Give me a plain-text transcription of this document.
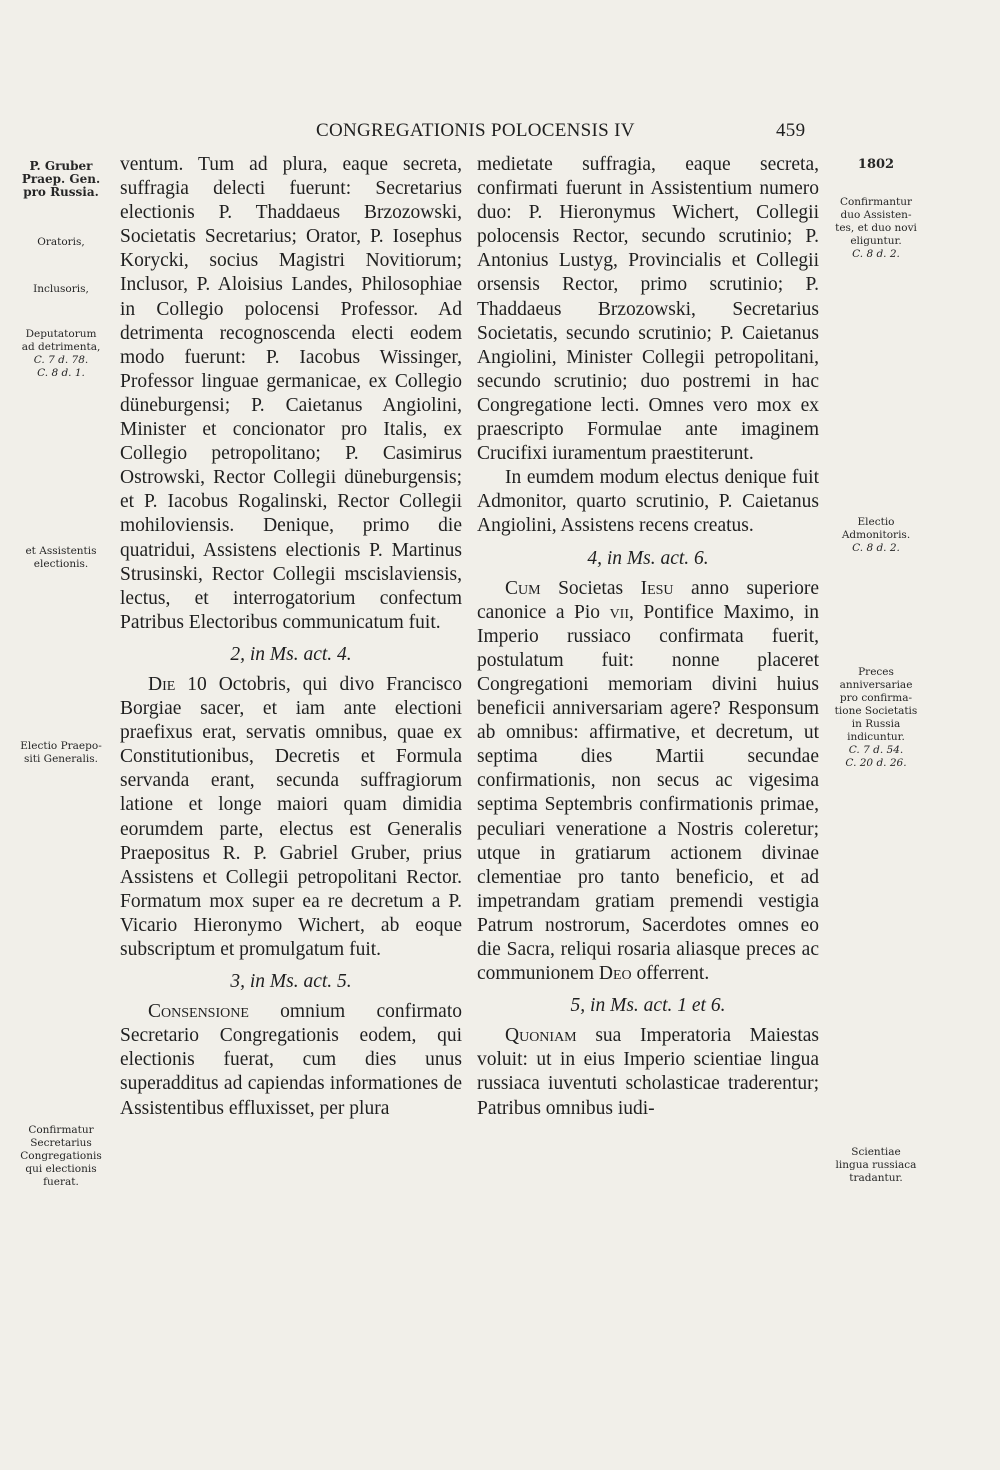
CONGREGATIONIS POLOCENSIS IV	459
P. Gruber
Praep. Gen.
pro Russia.
Oratoris,
Inclusoris,
Deputatorum
ad detrimenta,
C. 7 d. 78.
C. 8 d. 1.
et Assistentis
electionis.
Electio Praepo-
siti Generalis.
Confirmatur
Secretarius
Congregationis
qui electionis
fuerat.
1802
Confirmantur
duo Assisten-
tes, et duo novi
eliguntur.
C. 8 d. 2.
Electio
Admonitoris.
C. 8 d. 2.
Preces
anniversariae
pro confirma-
tione Societatis
in Russia
indicuntur.
C. 7 d. 54.
C. 20 d. 26.
Scientiae
lingua russiaca
tradantur.

ventum. Tum ad plura, eaque secreta, suffragia delecti fuerunt: Secretarius electionis P. Thaddaeus Brzozowski, Societatis Secretarius; Orator, P. Iosephus Korycki, socius Magistri Novitiorum; Inclusor, P. Aloisius Landes, Philosophiae in Collegio polocensi Professor. Ad detrimenta recognoscenda electi eodem modo fuerunt: P. Iacobus Wissinger, Professor linguae germanicae, ex Collegio düneburgensi; P. Caietanus Angiolini, Minister et concionator pro Italis, ex Collegio petropolitano; P. Casimirus Ostrowski, Rector Collegii düneburgensis; et P. Iacobus Rogalinski, Rector Collegii mohiloviensis. Denique, primo die quatridui, Assistens electionis P. Martinus Strusinski, Rector Collegii mscislaviensis, lectus, et interrogatorium confectum Patribus Electoribus communicatum fuit.

2, in Ms. act. 4.

Die 10 Octobris, qui divo Francisco Borgiae sacer, et iam ante electioni praefixus erat, servatis omnibus, quae ex Constitutionibus, Decretis et Formula servanda erant, secunda suffragiorum latione et longe maiori quam dimidia eorumdem parte, electus est Generalis Praepositus R. P. Gabriel Gruber, prius Assistens et Collegii petropolitani Rector. Formatum mox super ea re decretum a P. Vicario Hieronymo Wichert, ab eoque subscriptum et promulgatum fuit.

3, in Ms. act. 5.

Consensione omnium confirmato Secretario Congregationis eodem, qui electionis fuerat, cum dies unus superadditus ad capiendas informationes de Assistentibus effluxisset, per plura

medietate suffragia, eaque secreta, confirmati fuerunt in Assistentium numero duo: P. Hieronymus Wichert, Collegii polocensis Rector, secundo scrutinio; P. Antonius Lustyg, Provincialis et Collegii orsensis Rector, primo scrutinio; P. Thaddaeus Brzozowski, Secretarius Societatis, secundo scrutinio; P. Caietanus Angiolini, Minister Collegii petropolitani, secundo scrutinio; duo postremi in hac Congregatione lecti. Omnes vero mox ex praescripto Formulae ante imaginem Crucifixi iuramentum praestiterunt.

In eumdem modum electus denique fuit Admonitor, quarto scrutinio, P. Caietanus Angiolini, Assistens recens creatus.

4, in Ms. act. 6.

Cum Societas Iesu anno superiore canonice a Pio vii, Pontifice Maximo, in Imperio russiaco confirmata fuerit, postulatum fuit: nonne placeret Congregationi memoriam divini huius beneficii anniversariam agere? Responsum ab omnibus: affirmative, et decretum, ut septima dies Martii secundae confirmationis, non secus ac vigesima septima Septembris confirmationis primae, peculiari veneratione a Nostris coleretur; utque in gratiarum actionem divinae clementiae pro tanto beneficio, et ad impetrandam gratiam premendi vestigia Patrum nostrorum, Sacerdotes omnes eo die Sacra, reliqui rosaria aliasque preces ac communionem Deo offerrent.

5, in Ms. act. 1 et 6.

Quoniam sua Imperatoria Maiestas voluit: ut in eius Imperio scientiae lingua russiaca iuventuti scholasticae traderentur; Patribus omnibus iudi-
